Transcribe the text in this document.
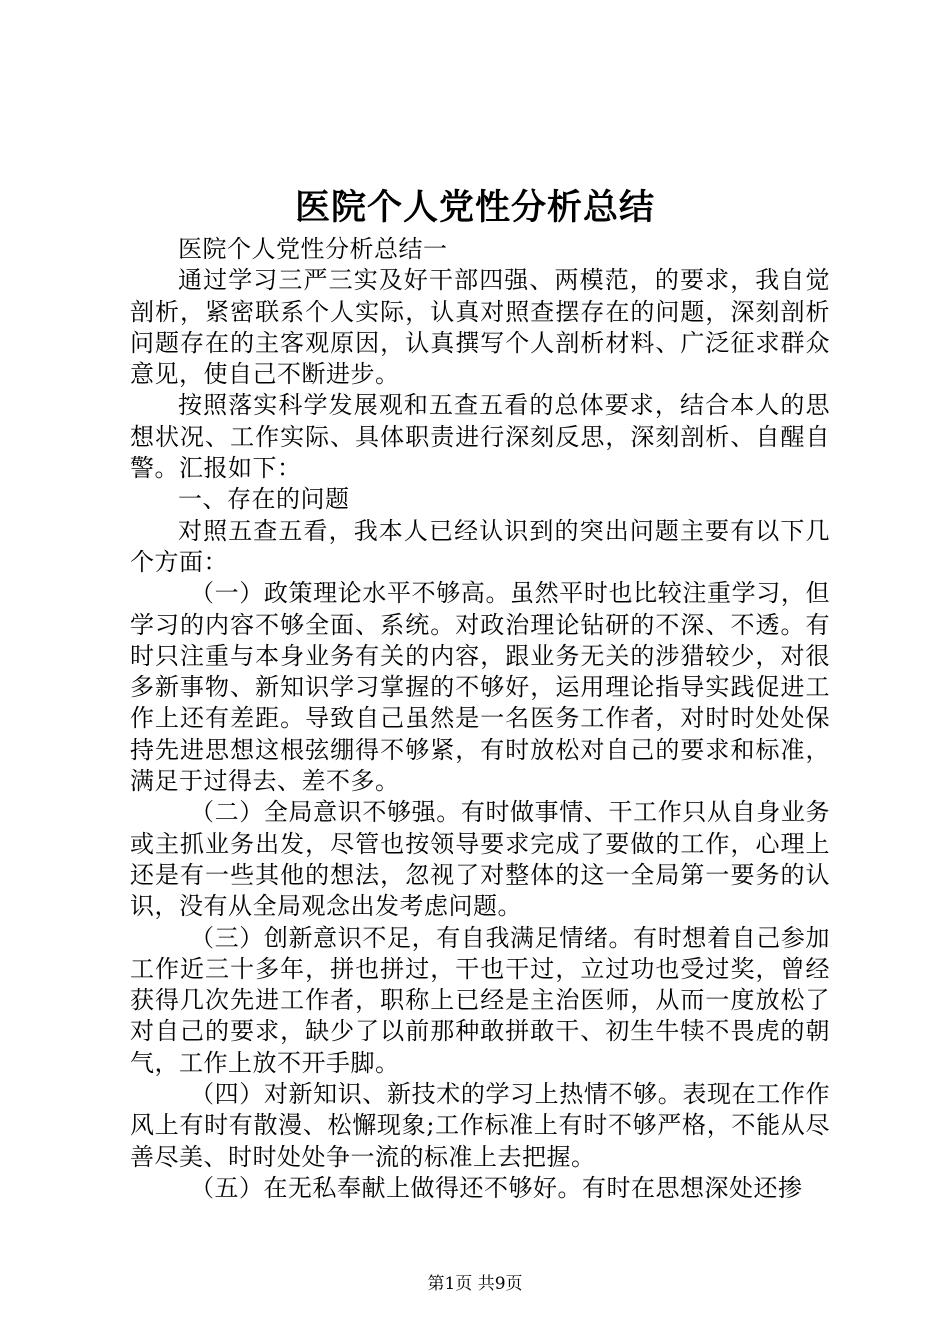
医院个人党性分析总结

医院个人党性分析总结一

通过学习三严三实及好干部四强、两模范，的要求，我自觉剖析，紧密联系个人实际，认真对照查摆存在的问题，深刻剖析问题存在的主客观原因，认真撰写个人剖析材料、广泛征求群众意见，使自己不断进步。

按照落实科学发展观和五查五看的总体要求，结合本人的思想状况、工作实际、具体职责进行深刻反思，深刻剖析、自醒自警。汇报如下：

一、存在的问题

对照五查五看，我本人已经认识到的突出问题主要有以下几个方面：

（一）政策理论水平不够高。虽然平时也比较注重学习，但学习的内容不够全面、系统。对政治理论钻研的不深、不透。有时只注重与本身业务有关的内容，跟业务无关的涉猎较少，对很多新事物、新知识学习掌握的不够好，运用理论指导实践促进工作上还有差距。导致自己虽然是一名医务工作者，对时时处处保持先进思想这根弦绷得不够紧，有时放松对自己的要求和标准，满足于过得去、差不多。

（二）全局意识不够强。有时做事情、干工作只从自身业务或主抓业务出发，尽管也按领导要求完成了要做的工作，心理上还是有一些其他的想法，忽视了对整体的这一全局第一要务的认识，没有从全局观念出发考虑问题。

（三）创新意识不足，有自我满足情绪。有时想着自己参加工作近三十多年，拼也拼过，干也干过，立过功也受过奖，曾经获得几次先进工作者，职称上已经是主治医师，从而一度放松了对自己的要求，缺少了以前那种敢拼敢干、初生牛犊不畏虎的朝气，工作上放不开手脚。

（四）对新知识、新技术的学习上热情不够。表现在工作作风上有时有散漫、松懈现象;工作标准上有时不够严格，不能从尽善尽美、时时处处争一流的标准上去把握。

（五）在无私奉献上做得还不够好。有时在思想深处还掺

第1页 共9页
